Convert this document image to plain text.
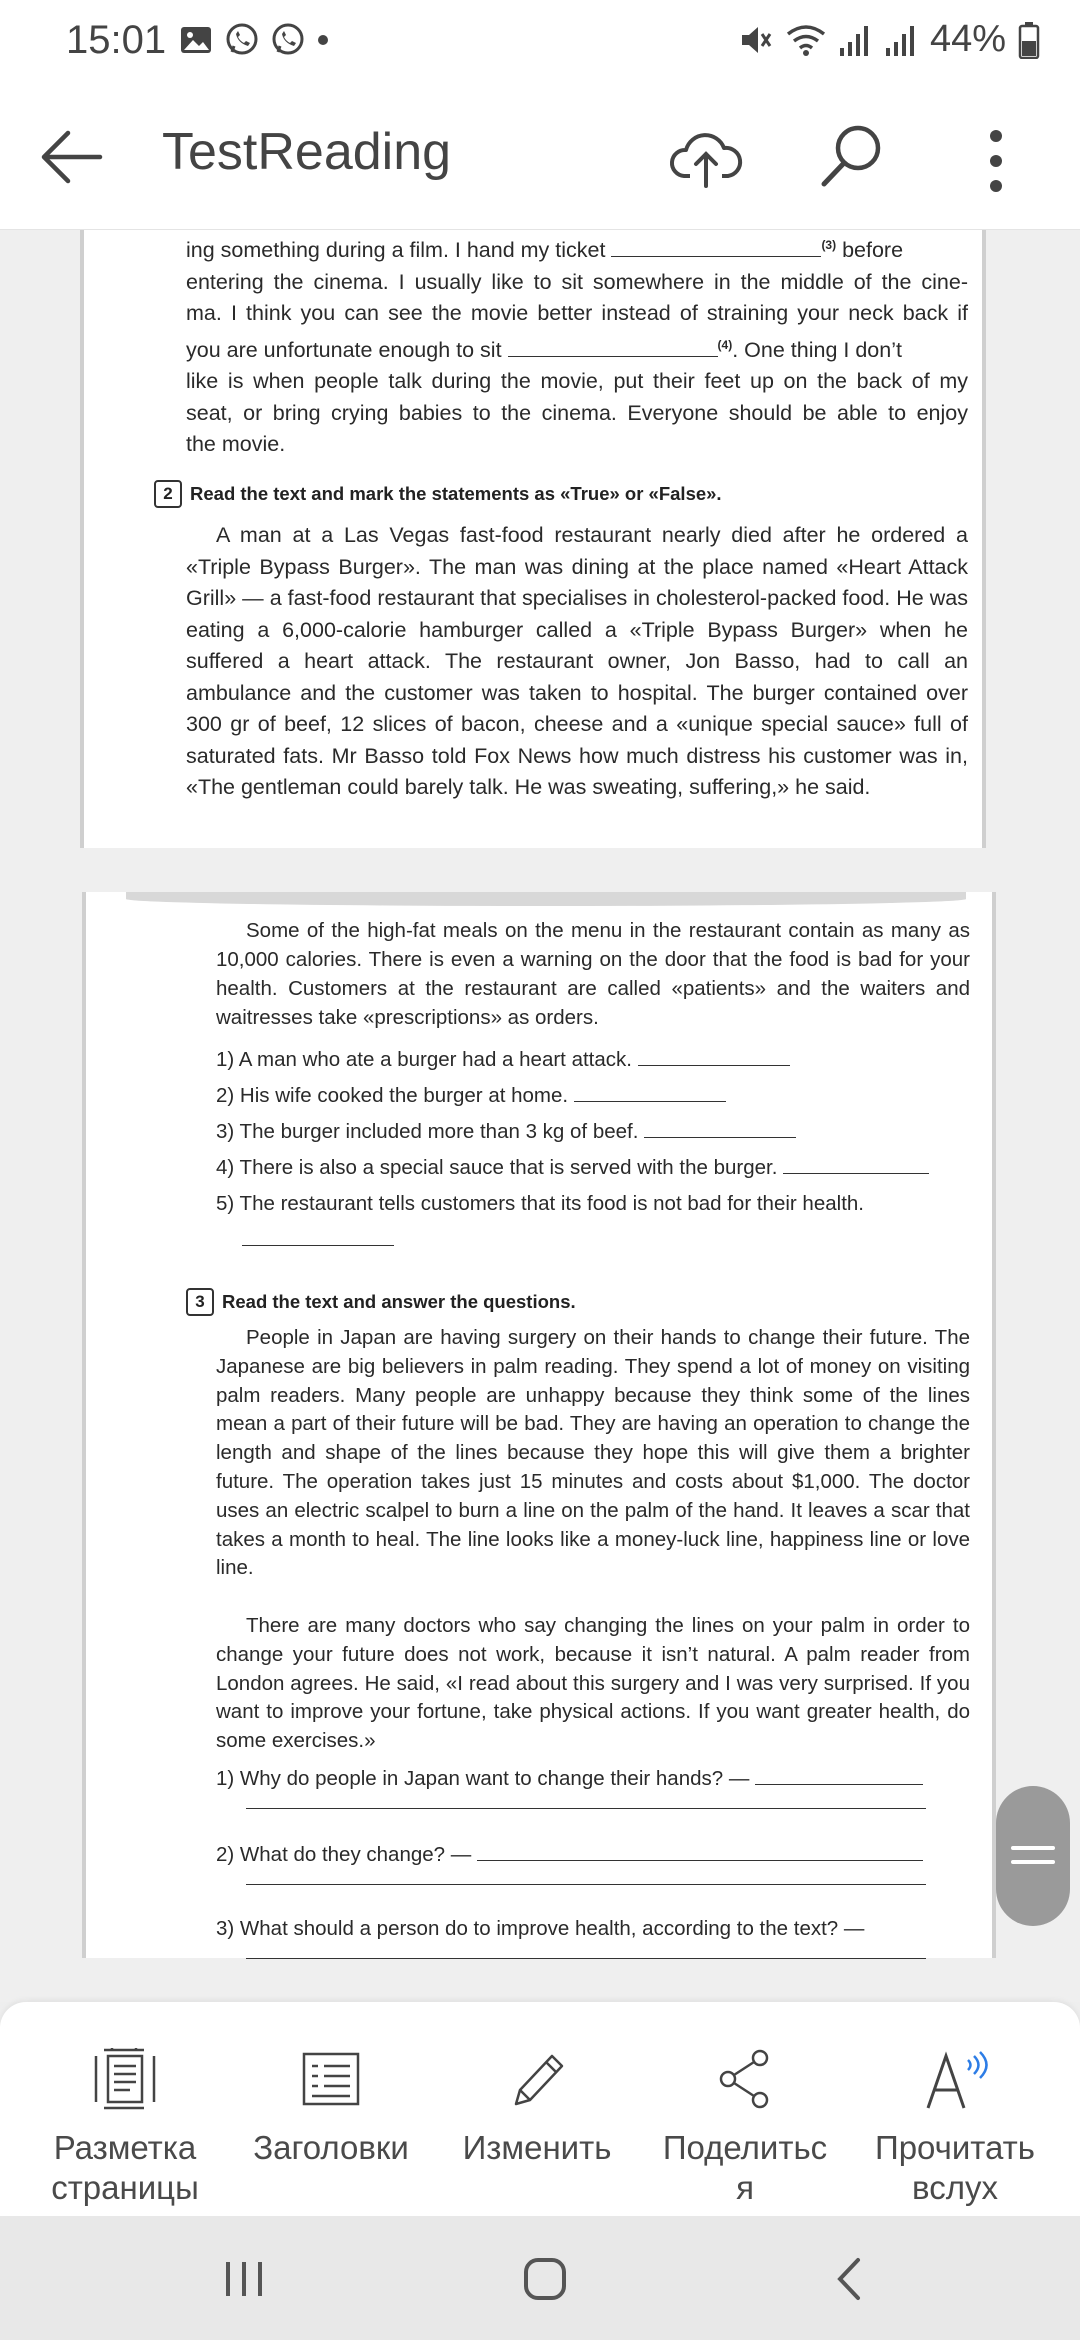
15:01	44%
TestReading
ing something during a film. I hand my ticket	$^{(3)}$ before
entering the cinema. I usually like to sit somewhere in the middle of the cine-
ma. I think you can see the movie better instead of straining your neck back if
you are unfortunate enough to sit	$^{(4)}$. One thing I don’t
like is when people talk during the movie, put their feet up on the back of my
seat, or bring crying babies to the cinema. Everyone should be able to enjoy
the movie.
2 Read the text and mark the statements as «True» or «False».
A man at a Las Vegas fast-food restaurant nearly died after he ordered a «Triple Bypass Burger». The man was dining at the place named «Heart Attack Grill» — a fast-food restaurant that specialises in cholesterol-packed food. He was eating a 6,000-calorie hamburger called a «Triple Bypass Burger» when he suffered a heart attack. The restaurant owner, Jon Basso, had to call an ambulance and the customer was taken to hospital. The burger contained over 300 gr of beef, 12 slices of bacon, cheese and a «unique special sauce» full of saturated fats. Mr Basso told Fox News how much distress his customer was in, «The gentleman could barely talk. He was sweating, suffering,» he said.
Some of the high-fat meals on the menu in the restaurant contain as many as 10,000 calories. There is even a warning on the door that the food is bad for your health. Customers at the restaurant are called «patients» and the waiters and waitresses take «prescriptions» as orders.
1) A man who ate a burger had a heart attack.
2) His wife cooked the burger at home.
3) The burger included more than 3 kg of beef.
4) There is also a special sauce that is served with the burger.
5) The restaurant tells customers that its food is not bad for their health.
3 Read the text and answer the questions.
People in Japan are having surgery on their hands to change their future. The Japanese are big believers in palm reading. They spend a lot of money on visiting palm readers. Many people are unhappy because they think some of the lines mean a part of their future will be bad. They are having an operation to change the length and shape of the lines because they hope this will give them a brighter future. The operation takes just 15 minutes and costs about $1,000. The doctor uses an electric scalpel to burn a line on the palm of the hand. It leaves a scar that takes a month to heal. The line looks like a money-luck line, happiness line or love line.
There are many doctors who say changing the lines on your palm in order to change your future does not work, because it isn’t natural. A palm reader from London agrees. He said, «I read about this surgery and I was very surprised. If you want to improve your fortune, take physical actions. If you want greater health, do some exercises.»
1) Why do people in Japan want to change their hands? —
2) What do they change? —
3) What should a person do to improve health, according to the text? —
Разметка
страницы
Заголовки	Изменить	Поделитьс
я
Прочитать
вслух
